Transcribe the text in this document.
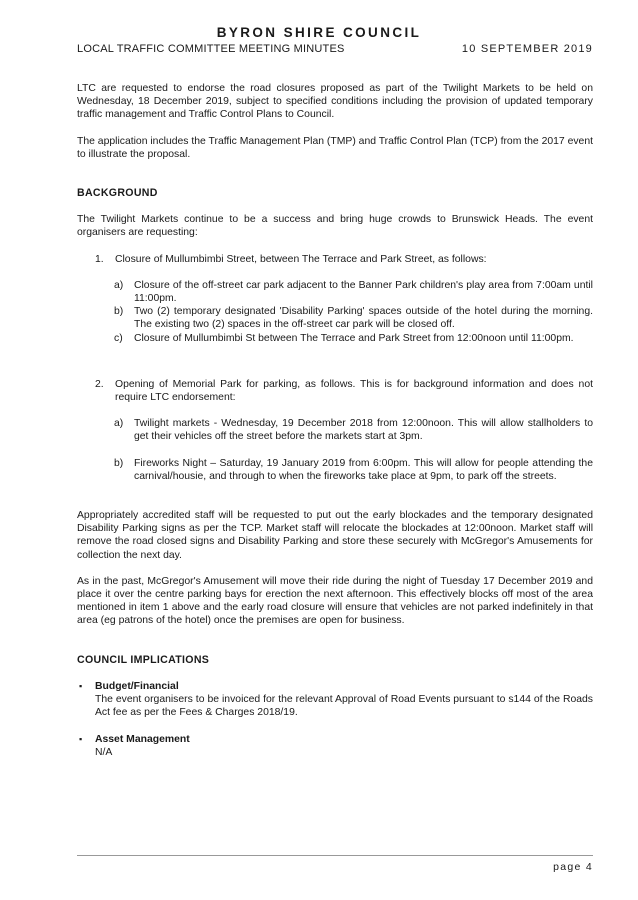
BYRON SHIRE COUNCIL
LOCAL TRAFFIC COMMITTEE MEETING MINUTES	10 SEPTEMBER 2019

LTC are requested to endorse the road closures proposed as part of the Twilight Markets to be held on Wednesday, 18 December 2019, subject to specified conditions including the provision of updated temporary traffic management and Traffic Control Plans to Council.

The application includes the Traffic Management Plan (TMP) and Traffic Control Plan (TCP) from the 2017 event to illustrate the proposal.

BACKGROUND

The Twilight Markets continue to be a success and bring huge crowds to Brunswick Heads. The event organisers are requesting:

1.	Closure of Mullumbimbi Street, between The Terrace and Park Street, as follows:
a)	Closure of the off-street car park adjacent to the Banner Park children's play area from 7:00am until 11:00pm.
b)	Two (2) temporary designated 'Disability Parking' spaces outside of the hotel during the morning. The existing two (2) spaces in the off-street car park will be closed off.
c)	Closure of Mullumbimbi St between The Terrace and Park Street from 12:00noon until 11:00pm.
2.	Opening of Memorial Park for parking, as follows. This is for background information and does not require LTC endorsement:
a)	Twilight markets - Wednesday, 19 December 2018 from 12:00noon. This will allow stallholders to get their vehicles off the street before the markets start at 3pm.
b)	Fireworks Night – Saturday, 19 January 2019 from 6:00pm. This will allow for people attending the carnival/housie, and through to when the fireworks take place at 9pm, to park off the streets.

Appropriately accredited staff will be requested to put out the early blockades and the temporary designated Disability Parking signs as per the TCP. Market staff will relocate the blockades at 12:00noon. Market staff will remove the road closed signs and Disability Parking and store these securely with McGregor's Amusements for collection the next day.

As in the past, McGregor's Amusement will move their ride during the night of Tuesday 17 December 2019 and place it over the centre parking bays for erection the next afternoon. This effectively blocks off most of the area mentioned in item 1 above and the early road closure will ensure that vehicles are not parked indefinitely in that area (eg patrons of the hotel) once the premises are open for business.

COUNCIL IMPLICATIONS
▪	Budget/Financial

The event organisers to be invoiced for the relevant Approval of Road Events pursuant to s144 of the Roads Act fee as per the Fees & Charges 2018/19.

▪	Asset Management

N/A

page 4
